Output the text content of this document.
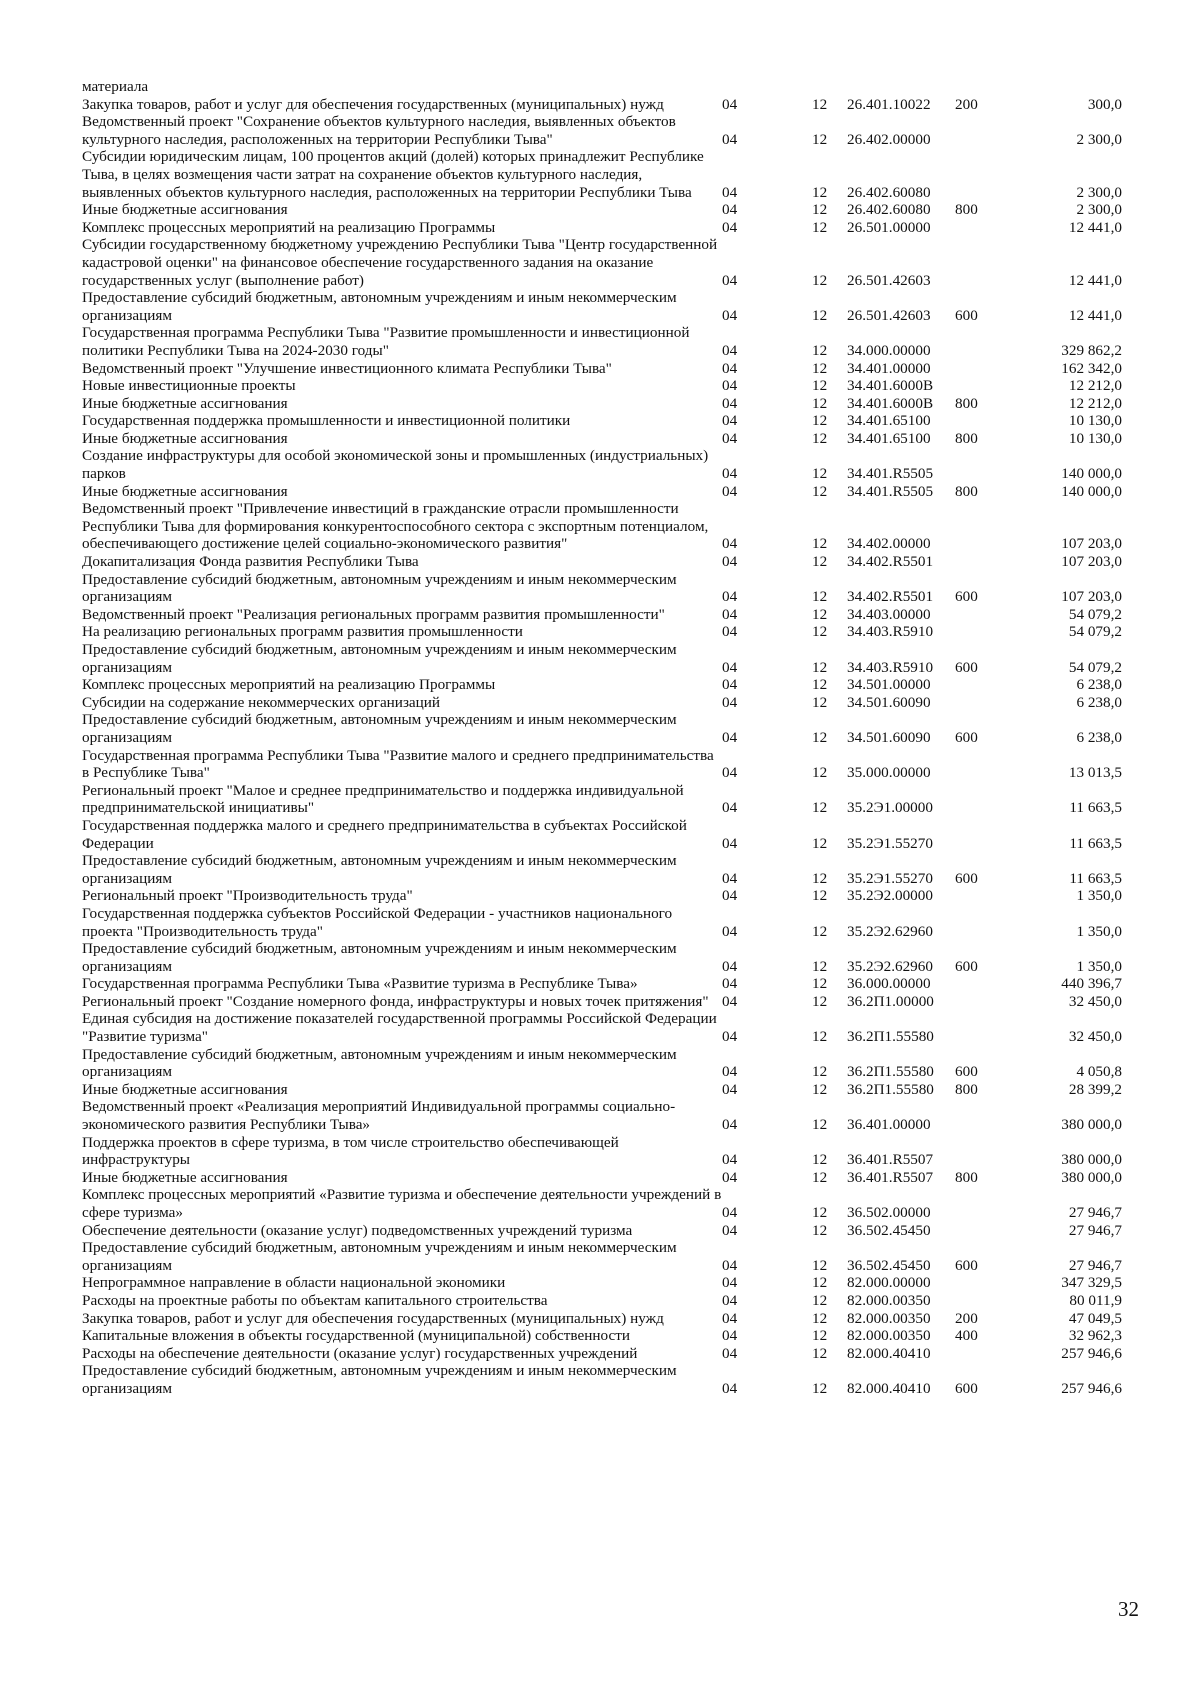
материала					
Закупка товаров, работ и услуг для обеспечения государственных (муниципальных) нужд	04	12	26.401.10022	200	300,0
Ведомственный проект "Сохранение объектов культурного наследия, выявленных объектов культурного наследия, расположенных на территории Республики Тыва"	04	12	26.402.00000		2 300,0
Субсидии юридическим лицам, 100 процентов акций (долей) которых принадлежит Республике Тыва, в целях возмещения части затрат на сохранение объектов культурного наследия, выявленных объектов культурного наследия, расположенных на территории Республики Тыва	04	12	26.402.60080		2 300,0
Иные бюджетные ассигнования	04	12	26.402.60080	800	2 300,0
Комплекс процессных мероприятий на реализацию Программы	04	12	26.501.00000		12 441,0
Субсидии государственному бюджетному учреждению Республики Тыва "Центр государственной кадастровой оценки" на финансовое обеспечение государственного задания на оказание государственных услуг (выполнение работ)	04	12	26.501.42603		12 441,0
Предоставление субсидий бюджетным, автономным учреждениям и иным некоммерческим организациям	04	12	26.501.42603	600	12 441,0
Государственная программа Республики Тыва "Развитие промышленности и инвестиционной политики Республики Тыва на 2024-2030 годы"	04	12	34.000.00000		329 862,2
Ведомственный проект "Улучшение инвестиционного климата Республики Тыва"	04	12	34.401.00000		162 342,0
Новые инвестиционные проекты	04	12	34.401.6000В		12 212,0
Иные бюджетные ассигнования	04	12	34.401.6000В	800	12 212,0
Государственная поддержка промышленности и инвестиционной политики	04	12	34.401.65100		10 130,0
Иные бюджетные ассигнования	04	12	34.401.65100	800	10 130,0
Создание инфраструктуры для особой экономической зоны и промышленных (индустриальных) парков	04	12	34.401.R5505		140 000,0
Иные бюджетные ассигнования	04	12	34.401.R5505	800	140 000,0
Ведомственный проект "Привлечение инвестиций в гражданские отрасли промышленности Республики Тыва для формирования конкурентоспособного сектора с экспортным потенциалом, обеспечивающего достижение целей социально-экономического развития"	04	12	34.402.00000		107 203,0
Докапитализация Фонда развития Республики Тыва	04	12	34.402.R5501		107 203,0
Предоставление субсидий бюджетным, автономным учреждениям и иным некоммерческим организациям	04	12	34.402.R5501	600	107 203,0
Ведомственный проект "Реализация региональных программ развития промышленности"	04	12	34.403.00000		54 079,2
На реализацию региональных программ развития промышленности	04	12	34.403.R5910		54 079,2
Предоставление субсидий бюджетным, автономным учреждениям и иным некоммерческим организациям	04	12	34.403.R5910	600	54 079,2
Комплекс процессных мероприятий на реализацию Программы	04	12	34.501.00000		6 238,0
Субсидии на содержание некоммерческих организаций	04	12	34.501.60090		6 238,0
Предоставление субсидий бюджетным, автономным учреждениям и иным некоммерческим организациям	04	12	34.501.60090	600	6 238,0
Государственная программа Республики Тыва "Развитие малого и среднего предпринимательства в Республике Тыва"	04	12	35.000.00000		13 013,5
Региональный проект "Малое и среднее предпринимательство и поддержка индивидуальной предпринимательской инициативы"	04	12	35.2Э1.00000		11 663,5
Государственная поддержка малого и среднего предпринимательства в субъектах Российской Федерации	04	12	35.2Э1.55270		11 663,5
Предоставление субсидий бюджетным, автономным учреждениям и иным некоммерческим организациям	04	12	35.2Э1.55270	600	11 663,5
Региональный проект "Производительность труда"	04	12	35.2Э2.00000		1 350,0
Государственная поддержка субъектов Российской Федерации - участников национального проекта "Производительность труда"	04	12	35.2Э2.62960		1 350,0
Предоставление субсидий бюджетным, автономным учреждениям и иным некоммерческим организациям	04	12	35.2Э2.62960	600	1 350,0
Государственная программа Республики Тыва «Развитие туризма в Республике Тыва»	04	12	36.000.00000		440 396,7
Региональный проект "Создание номерного фонда, инфраструктуры и новых точек притяжения"	04	12	36.2П1.00000		32 450,0
Единая субсидия на достижение показателей государственной программы Российской Федерации "Развитие туризма"	04	12	36.2П1.55580		32 450,0
Предоставление субсидий бюджетным, автономным учреждениям и иным некоммерческим организациям	04	12	36.2П1.55580	600	4 050,8
Иные бюджетные ассигнования	04	12	36.2П1.55580	800	28 399,2
Ведомственный проект «Реализация мероприятий Индивидуальной программы социально-экономического развития Республики Тыва»	04	12	36.401.00000		380 000,0
Поддержка проектов в сфере туризма, в том числе строительство обеспечивающей инфраструктуры	04	12	36.401.R5507		380 000,0
Иные бюджетные ассигнования	04	12	36.401.R5507	800	380 000,0
Комплекс процессных мероприятий «Развитие туризма и обеспечение деятельности учреждений в сфере туризма»	04	12	36.502.00000		27 946,7
Обеспечение деятельности (оказание услуг) подведомственных учреждений туризма	04	12	36.502.45450		27 946,7
Предоставление субсидий бюджетным, автономным учреждениям и иным некоммерческим организациям	04	12	36.502.45450	600	27 946,7
Непрограммное направление в области национальной экономики	04	12	82.000.00000		347 329,5
Расходы на проектные работы по объектам капитального строительства	04	12	82.000.00350		80 011,9
Закупка товаров, работ и услуг для обеспечения государственных (муниципальных) нужд	04	12	82.000.00350	200	47 049,5
Капитальные вложения в объекты государственной (муниципальной) собственности	04	12	82.000.00350	400	32 962,3
Расходы на обеспечение деятельности (оказание услуг) государственных учреждений	04	12	82.000.40410		257 946,6
Предоставление субсидий бюджетным, автономным учреждениям и иным некоммерческим организациям	04	12	82.000.40410	600	257 946,6
32
